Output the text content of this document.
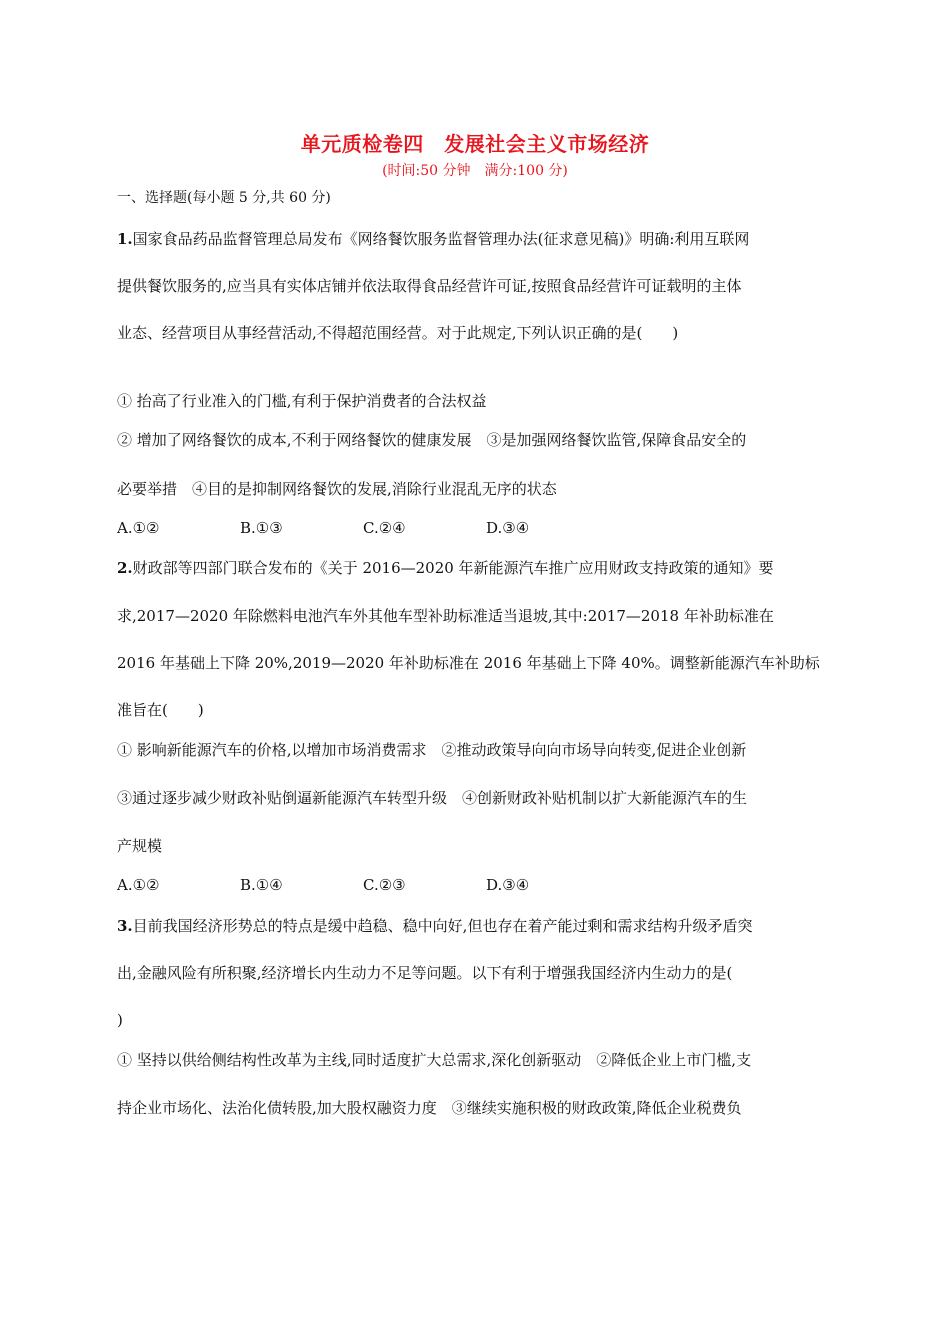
单元质检卷四　发展社会主义市场经济
(时间:50 分钟　满分:100 分)
一、选择题(每小题 5 分,共 60 分)
1.国家食品药品监督管理总局发布《网络餐饮服务监督管理办法(征求意见稿)》明确:利用互联网
提供餐饮服务的,应当具有实体店铺并依法取得食品经营许可证,按照食品经营许可证载明的主体
业态、经营项目从事经营活动,不得超范围经营。对于此规定,下列认识正确的是(　　)
① 抬高了行业准入的门槛,有利于保护消费者的合法权益
② 增加了网络餐饮的成本,不利于网络餐饮的健康发展　③是加强网络餐饮监管,保障食品安全的
必要举措　④目的是抑制网络餐饮的发展,消除行业混乱无序的状态
A.①②	B.①③	C.②④	D.③④
2.财政部等四部门联合发布的《关于 2016—2020 年新能源汽车推广应用财政支持政策的通知》要
求,2017—2020 年除燃料电池汽车外其他车型补助标准适当退坡,其中:2017—2018 年补助标准在
2016 年基础上下降 20%,2019—2020 年补助标准在 2016 年基础上下降 40%。调整新能源汽车补助标
准旨在(　　)
① 影响新能源汽车的价格,以增加市场消费需求　②推动政策导向向市场导向转变,促进企业创新
③通过逐步减少财政补贴倒逼新能源汽车转型升级　④创新财政补贴机制以扩大新能源汽车的生
产规模
A.①②	B.①④	C.②③	D.③④
3.目前我国经济形势总的特点是缓中趋稳、稳中向好,但也存在着产能过剩和需求结构升级矛盾突
出,金融风险有所积聚,经济增长内生动力不足等问题。以下有利于增强我国经济内生动力的是(
)
① 坚持以供给侧结构性改革为主线,同时适度扩大总需求,深化创新驱动　②降低企业上市门槛,支
持企业市场化、法治化债转股,加大股权融资力度　③继续实施积极的财政政策,降低企业税费负
